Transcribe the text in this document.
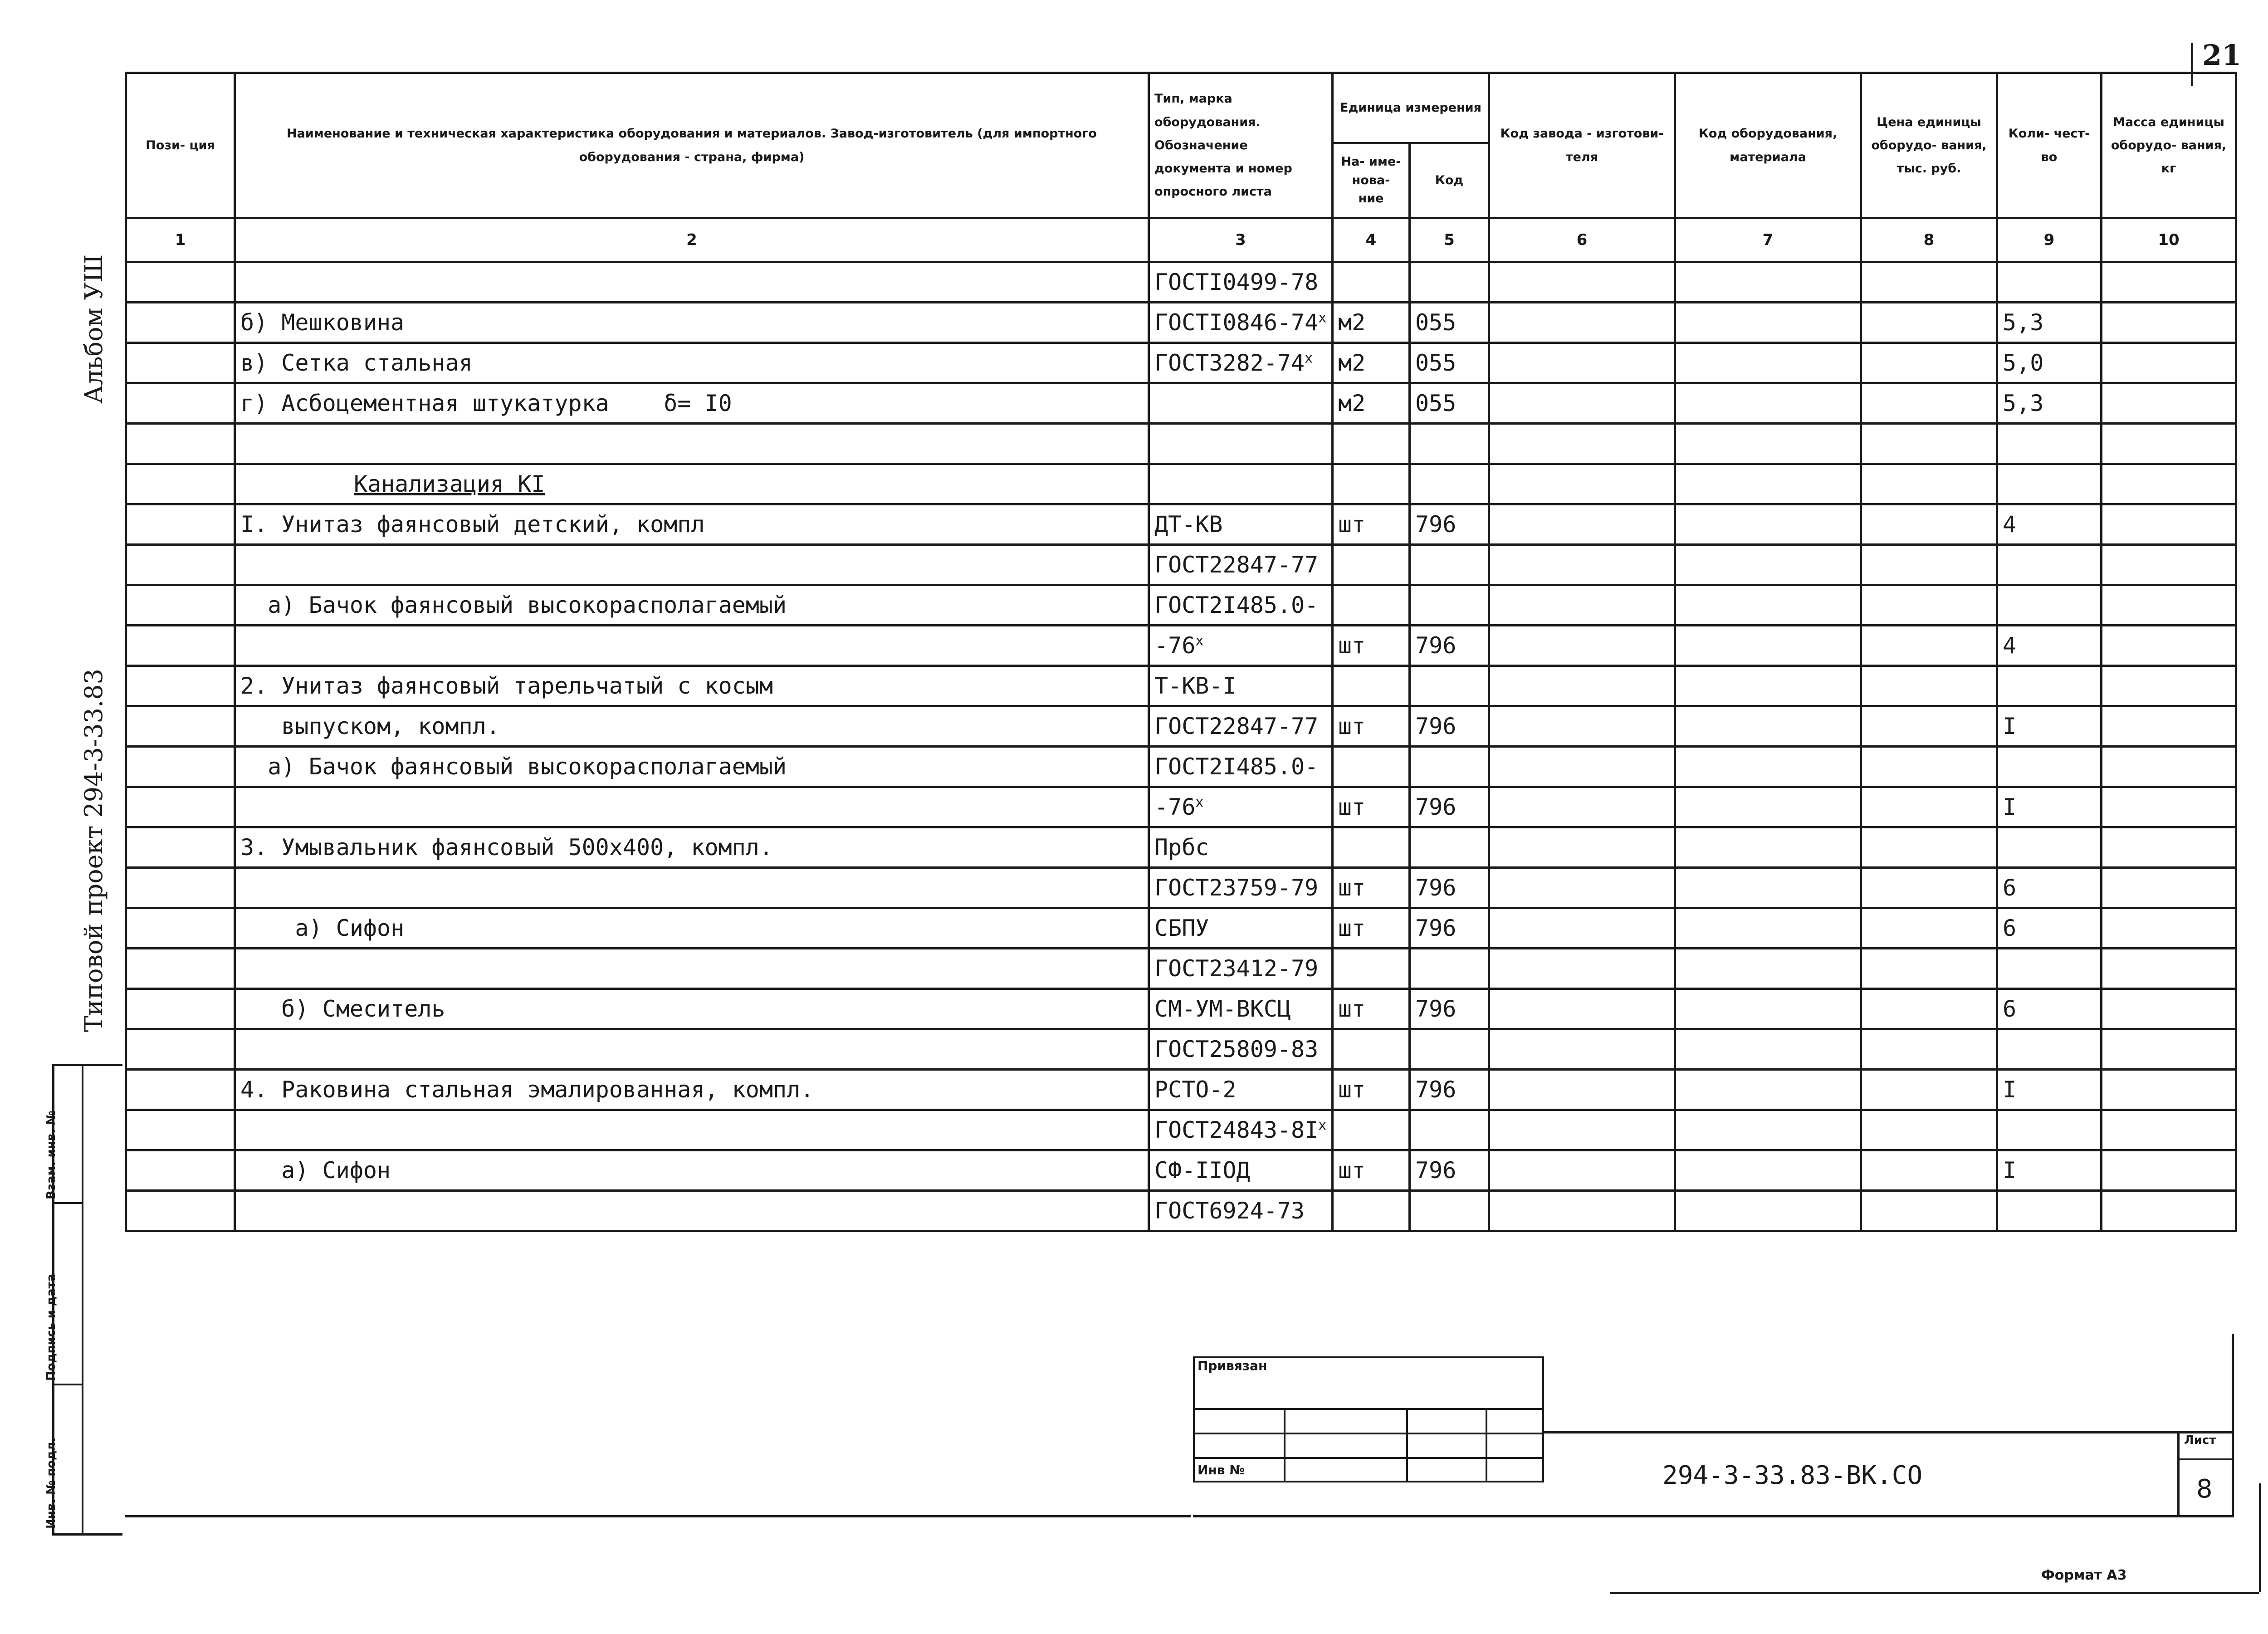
21
Альбом УШ
Типовой проект 294-3-33.83
Взам. инв. №
Подпись и дата
Инв. № подл.
Пози- ция	Наименование и техническая характеристика оборудования и материалов. Завод-изготовитель (для импортного оборудования - страна, фирма)	Тип, марка оборудования. Обозначение документа и номер опросного листа	Единица измерения		Код завода - изготови- теля	Код оборудования, материала	Цена единицы оборудо- вания, тыс. руб.	Коли- чест- во	Масса единицы оборудо- вания, кг
			На- име- нова- ние	Код					
1	2	3	4	5	6	7	8	9	10
		ГОСТI0499-78							
	б) Мешковина	$ГОСТI0846-74^х$	м2	055				5,3	
	в) Сетка стальная	$ГОСТ3282-74^х$	м2	055				5,0	
	г) Асбоцементная штукатурка    δ= I0		м2	055				5,3	

	Канализация КI								
	I. Унитаз фаянсовый детский, компл	ДТ-КВ	шт	796				4	
		ГОСТ22847-77							
	а) Бачок фаянсовый высокорасполагаемый	ГОСТ2I485.0-							
		$-76^х$	шт	796				4	
	2. Унитаз фаянсовый тарельчатый с косым	Т-КВ-I							
	выпуском, компл.	ГОСТ22847-77	шт	796				I	
	а) Бачок фаянсовый высокорасполагаемый	ГОСТ2I485.0-							
		$-76^х$	шт	796				I	
	3. Умывальник фаянсовый 500х400, компл.	Прбс							
		ГОСТ23759-79	шт	796				6	
	а) Сифон	СБПУ	шт	796				6	
		ГОСТ23412-79							
	б) Смеситель	СМ-УМ-ВКСЦ	шт	796				6	
		ГОСТ25809-83							
	4. Раковина стальная эмалированная, компл.	РСТО-2	шт	796				I	
		$ГОСТ24843-8I^х$							
	а) Сифон	СФ-IIОД	шт	796				I	
		ГОСТ6924-73							
Привязан			

Инв №				294-3-33.83-ВК.СО
Лист
8
Формат А3
